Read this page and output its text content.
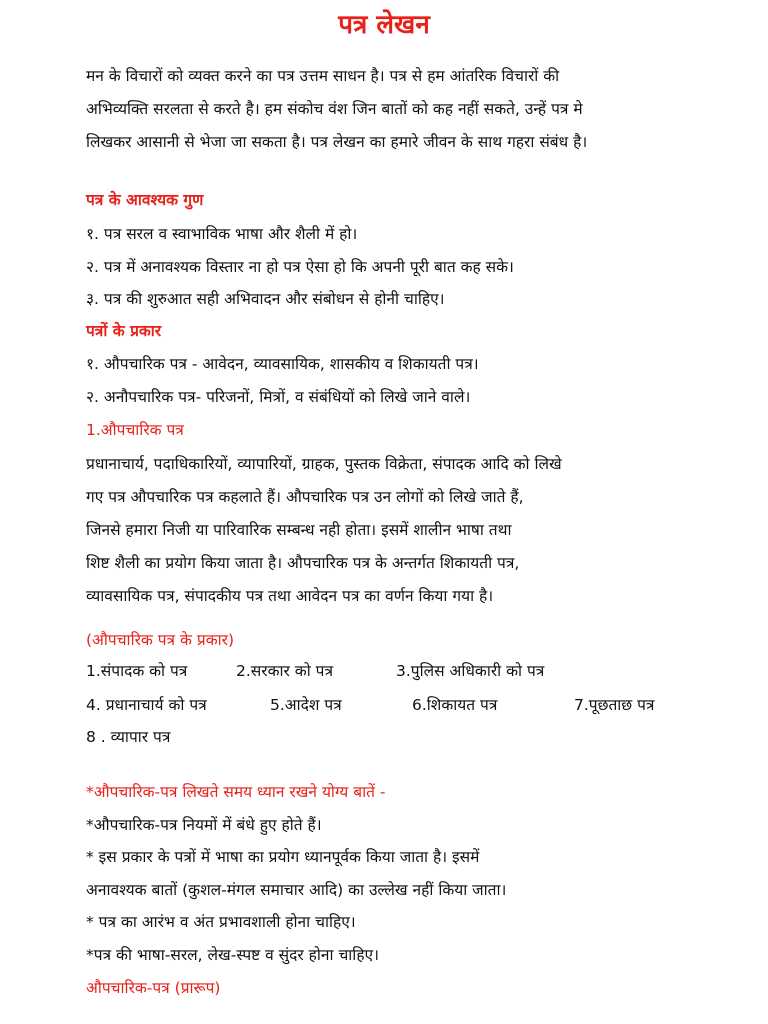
पत्र लेखन
मन के विचारों को व्यक्त करने का पत्र उत्तम साधन है। पत्र से हम आंतरिक विचारों की
अभिव्यक्ति सरलता से करते है। हम संकोच वंश जिन बातों को कह नहीं सकते, उन्हें पत्र मे
लिखकर आसानी से भेजा जा सकता है। पत्र लेखन का हमारे जीवन के साथ गहरा संबंध है।
पत्र के आवश्यक गुण
१. पत्र सरल व स्वाभाविक भाषा और शैली में हो।
२. पत्र में अनावश्यक विस्तार ना हो पत्र ऐसा हो कि अपनी पूरी बात कह सके।
३. पत्र की शुरुआत सही अभिवादन और संबोधन से होनी चाहिए।
पत्रों के प्रकार
१. औपचारिक पत्र - आवेदन, व्यावसायिक, शासकीय व शिकायती पत्र।
२. अनौपचारिक पत्र- परिजनों, मित्रों, व संबंधियों को लिखे जाने वाले।
1.औपचारिक पत्र
प्रधानाचार्य, पदाधिकारियों, व्यापारियों, ग्राहक, पुस्तक विक्रेता, संपादक आदि को लिखे
गए पत्र औपचारिक पत्र कहलाते हैं। औपचारिक पत्र उन लोगों को लिखे जाते हैं,
जिनसे हमारा निजी या पारिवारिक सम्बन्ध नही होता। इसमें शालीन भाषा तथा
शिष्ट शैली का प्रयोग किया जाता है। औपचारिक पत्र के अन्तर्गत शिकायती पत्र,
व्यावसायिक पत्र, संपादकीय पत्र तथा आवेदन पत्र का वर्णन किया गया है।
(औपचारिक पत्र के प्रकार)
1.संपादक को पत्र	2.सरकार को पत्र	3.पुलिस अधिकारी को पत्र
4. प्रधानाचार्य को पत्र	5.आदेश पत्र	6.शिकायत पत्र	7.पूछताछ पत्र
8 . व्यापार पत्र
*औपचारिक-पत्र लिखते समय ध्यान रखने योग्य बातें -
*औपचारिक-पत्र नियमों में बंधे हुए होते हैं।
* इस प्रकार के पत्रों में भाषा का प्रयोग ध्यानपूर्वक किया जाता है। इसमें
अनावश्यक बातों (कुशल-मंगल समाचार आदि) का उल्लेख नहीं किया जाता।
* पत्र का आरंभ व अंत प्रभावशाली होना चाहिए।
*पत्र की भाषा-सरल, लेख-स्पष्ट व सुंदर होना चाहिए।
औपचारिक-पत्र (प्रारूप)
